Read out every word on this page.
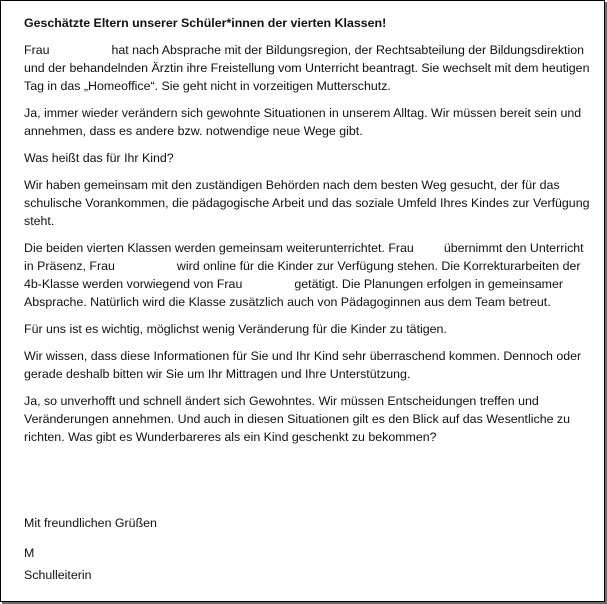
Geschätzte Eltern unserer Schüler*innen der vierten Klassen!

Frau	hat nach Absprache mit der Bildungsregion, der Rechtsabteilung der Bildungsdirektion und der behandelnden Ärztin ihre Freistellung vom Unterricht beantragt. Sie wechselt mit dem heutigen Tag in das „Homeoffice“. Sie geht nicht in vorzeitigen Mutterschutz.

Ja, immer wieder verändern sich gewohnte Situationen in unserem Alltag. Wir müssen bereit sein und annehmen, dass es andere bzw. notwendige neue Wege gibt.

Was heißt das für Ihr Kind?

Wir haben gemeinsam mit den zuständigen Behörden nach dem besten Weg gesucht, der für das schulische Vorankommen, die pädagogische Arbeit und das soziale Umfeld Ihres Kindes zur Verfügung steht.

Die beiden vierten Klassen werden gemeinsam weiterunterrichtet. Frau übernimmt den Unterricht in Präsenz, Frau	wird online für die Kinder zur Verfügung stehen. Die Korrekturarbeiten der 4b-Klasse werden vorwiegend von Frau	getätigt. Die Planungen erfolgen in gemeinsamer Absprache. Natürlich wird die Klasse zusätzlich auch von Pädagoginnen aus dem Team betreut.

Für uns ist es wichtig, möglichst wenig Veränderung für die Kinder zu tätigen.

Wir wissen, dass diese Informationen für Sie und Ihr Kind sehr überraschend kommen. Dennoch oder gerade deshalb bitten wir Sie um Ihr Mittragen und Ihre Unterstützung.

Ja, so unverhofft und schnell ändert sich Gewohntes. Wir müssen Entscheidungen treffen und Veränderungen annehmen. Und auch in diesen Situationen gilt es den Blick auf das Wesentliche zu richten. Was gibt es Wunderbareres als ein Kind geschenkt zu bekommen?

Mit freundlichen Grüßen
M
Schulleiterin
